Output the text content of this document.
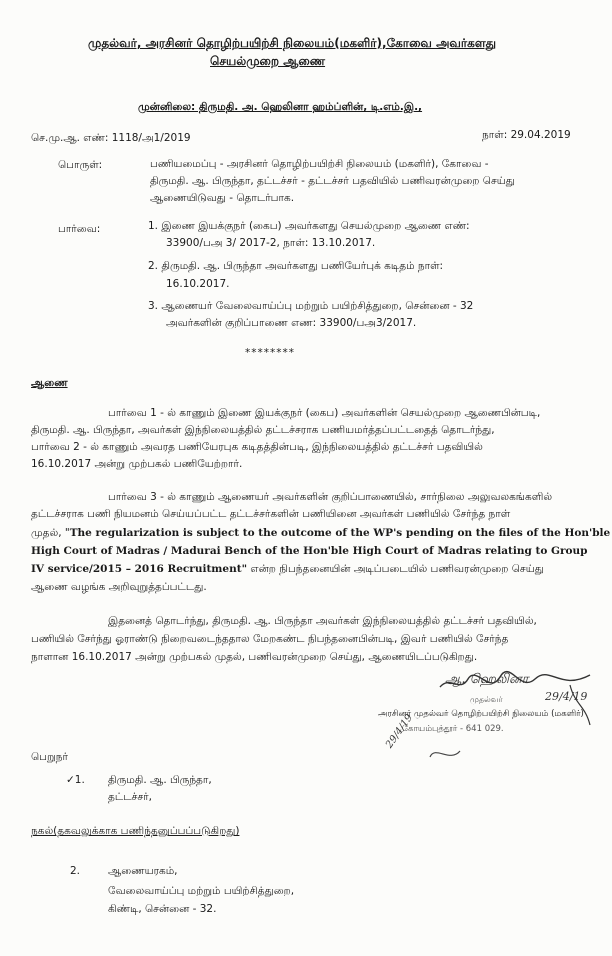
முதல்வர், அரசினர் தொழிற்பயிற்சி நிலையம்(மகளிர்),கோவை அவர்களது
செயல்முறை ஆணை
முன்னிலை: திருமதி. அ. ஹெலினா ஹம்ப்ளின், டி.எம்.இ.,
செ.மு.ஆ. எண்: 1118/அ1/2019	நாள்: 29.04.2019
பொருள்:	பணியமைப்பு - அரசினர் தொழிற்பயிற்சி நிலையம் (மகளிர்), கோவை -
திருமதி. ஆ. பிருந்தா, தட்டச்சர் - தட்டச்சர் பதவியில் பணிவரன்முறை செய்து
ஆணையிடுவது - தொடர்பாக.
பார்வை:	1. இணை இயக்குநர் (கைப) அவர்களது செயல்முறை ஆணை எண்:
33900/பஅ 3/ 2017-2, நாள்: 13.10.2017.
2. திருமதி. ஆ. பிருந்தா அவர்களது பணியேர்புக் கடிதம் நாள்:
16.10.2017.
3. ஆணையர் வேலைவாய்ப்பு மற்றும் பயிற்சித்துறை, சென்னை - 32
அவர்களின் குறிப்பாணை எண: 33900/பஅ3/2017.
********
ஆணை
பார்வை 1 - ல் காணும் இணை இயக்குநர் (கைப) அவர்களின் செயல்முறை ஆணைபின்படி,
திருமதி. ஆ. பிருந்தா, அவர்கள் இந்நிலையத்தில் தட்டச்சராக பணியமர்த்தப்பட்டதைத் தொடர்ந்து,
பார்வை 2 - ல் காணும் அவரத பணியேரபுக கடிதத்தின்படி, இந்நிலையத்தில் தட்டச்சர் பதவியில்
16.10.2017 அன்று முற்பகல் பணியேற்றார்.
பார்வை 3 - ல் காணும் ஆணையர் அவர்களின் குறிப்பாணையில், சார்நிலை அலுவலகங்களில்
தட்டச்சராக பணி நியமனம் செய்யப்பட்ட தட்டச்சர்களின் பணியினை அவர்கள் பணியில் சேர்ந்த நாள்
முதல், "The regularization is subject to the outcome of the WP's pending on the files of the Hon'ble
High Court of Madras / Madurai Bench of the Hon'ble High Court of Madras relating to Group
IV service/2015 – 2016 Recruitment" என்ற நிபந்தனையின் அடிப்படையில் பணிவரன்முறை செய்து
ஆணை வழங்க அறிவுறுத்தப்பட்டது.
இதனைத் தொடர்ந்து, திருமதி. ஆ. பிருந்தா அவர்கள் இந்நிலையத்தில் தட்டச்சர் பதவியில்,
பணியில் சேர்ந்து ஓராண்டு நிறைவடைந்ததால மேறகண்ட நிபந்தனைபின்படி, இவர் பணியில் சேர்ந்த
நாளான 16.10.2017 அன்று முற்பகல் முதல், பணிவரன்முறை செய்து, ஆணையிடப்படுகிறது.
ஆ. ஹெலினா
29/4/19
முதல்வர்
அரசினர் முதல்வர் தொழிற்பயிற்சி நிலையம் (மகளிர்)
கோயம்புத்தூர் - 641 029.
29/4/19
பெறுநர்
✓1. திருமதி. ஆ. பிருந்தா,
தட்டச்சர்,
நகல்(தகவலுக்காக பணிந்தனுப்பப்படுகிறது)
2.	ஆணையரகம்,
வேலைவாய்ப்பு மற்றும் பயிற்சித்துறை,
கிண்டி, சென்னை - 32.
